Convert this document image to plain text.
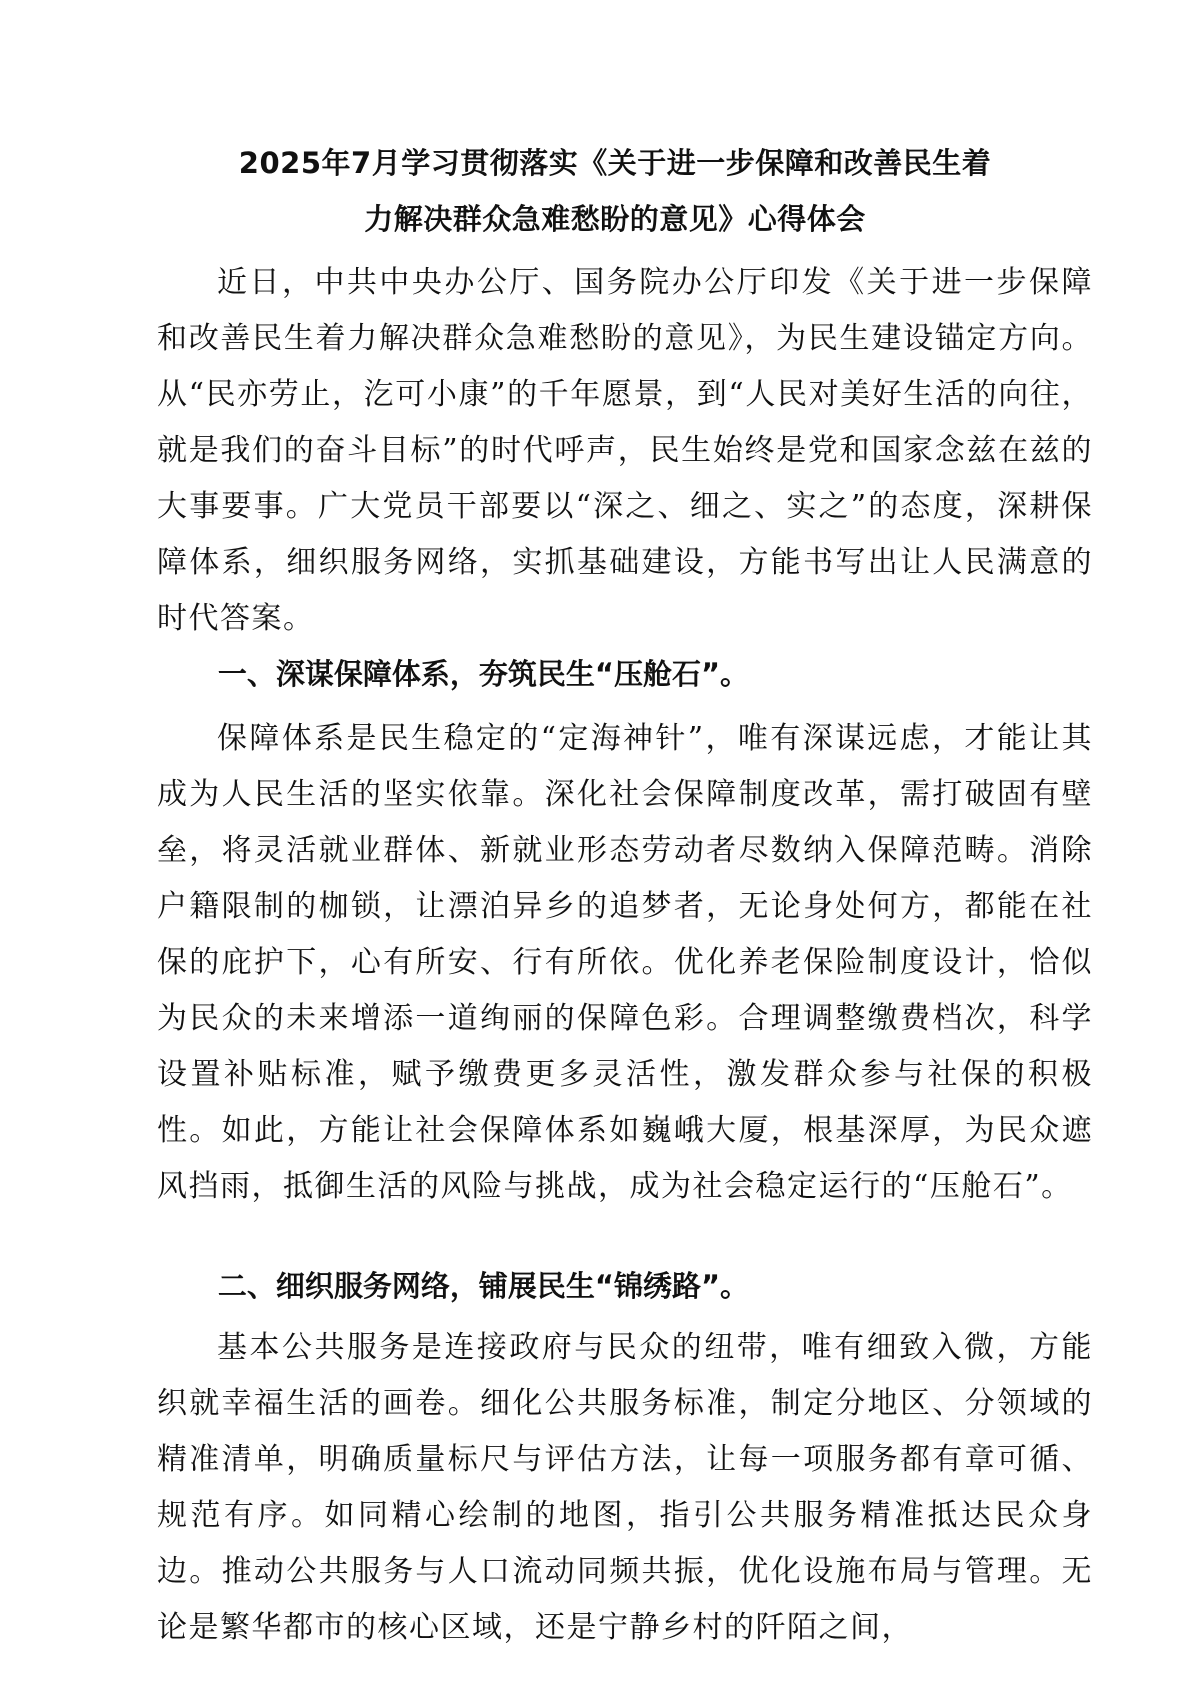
2025年7月学习贯彻落实《关于进一步保障和改善民生着
力解决群众急难愁盼的意见》心得体会

近日，中共中央办公厅、国务院办公厅印发《关于进一步保障和改善民生着力解决群众急难愁盼的意见》，为民生建设锚定方向。从“民亦劳止，汔可小康”的千年愿景，到“人民对美好生活的向往，就是我们的奋斗目标”的时代呼声，民生始终是党和国家念兹在兹的大事要事。广大党员干部要以“深之、细之、实之”的态度，深耕保障体系，细织服务网络，实抓基础建设，方能书写出让人民满意的时代答案。

一、深谋保障体系，夯筑民生“压舱石”。

保障体系是民生稳定的“定海神针”，唯有深谋远虑，才能让其成为人民生活的坚实依靠。深化社会保障制度改革，需打破固有壁垒，将灵活就业群体、新就业形态劳动者尽数纳入保障范畴。消除户籍限制的枷锁，让漂泊异乡的追梦者，无论身处何方，都能在社保的庇护下，心有所安、行有所依。优化养老保险制度设计，恰似为民众的未来增添一道绚丽的保障色彩。合理调整缴费档次，科学设置补贴标准，赋予缴费更多灵活性，激发群众参与社保的积极性。如此，方能让社会保障体系如巍峨大厦，根基深厚，为民众遮风挡雨，抵御生活的风险与挑战，成为社会稳定运行的“压舱石”。

二、细织服务网络，铺展民生“锦绣路”。

基本公共服务是连接政府与民众的纽带，唯有细致入微，方能织就幸福生活的画卷。细化公共服务标准，制定分地区、分领域的精准清单，明确质量标尺与评估方法，让每一项服务都有章可循、规范有序。如同精心绘制的地图，指引公共服务精准抵达民众身边。推动公共服务与人口流动同频共振，优化设施布局与管理。无论是繁华都市的核心区域，还是宁静乡村的阡陌之间，
